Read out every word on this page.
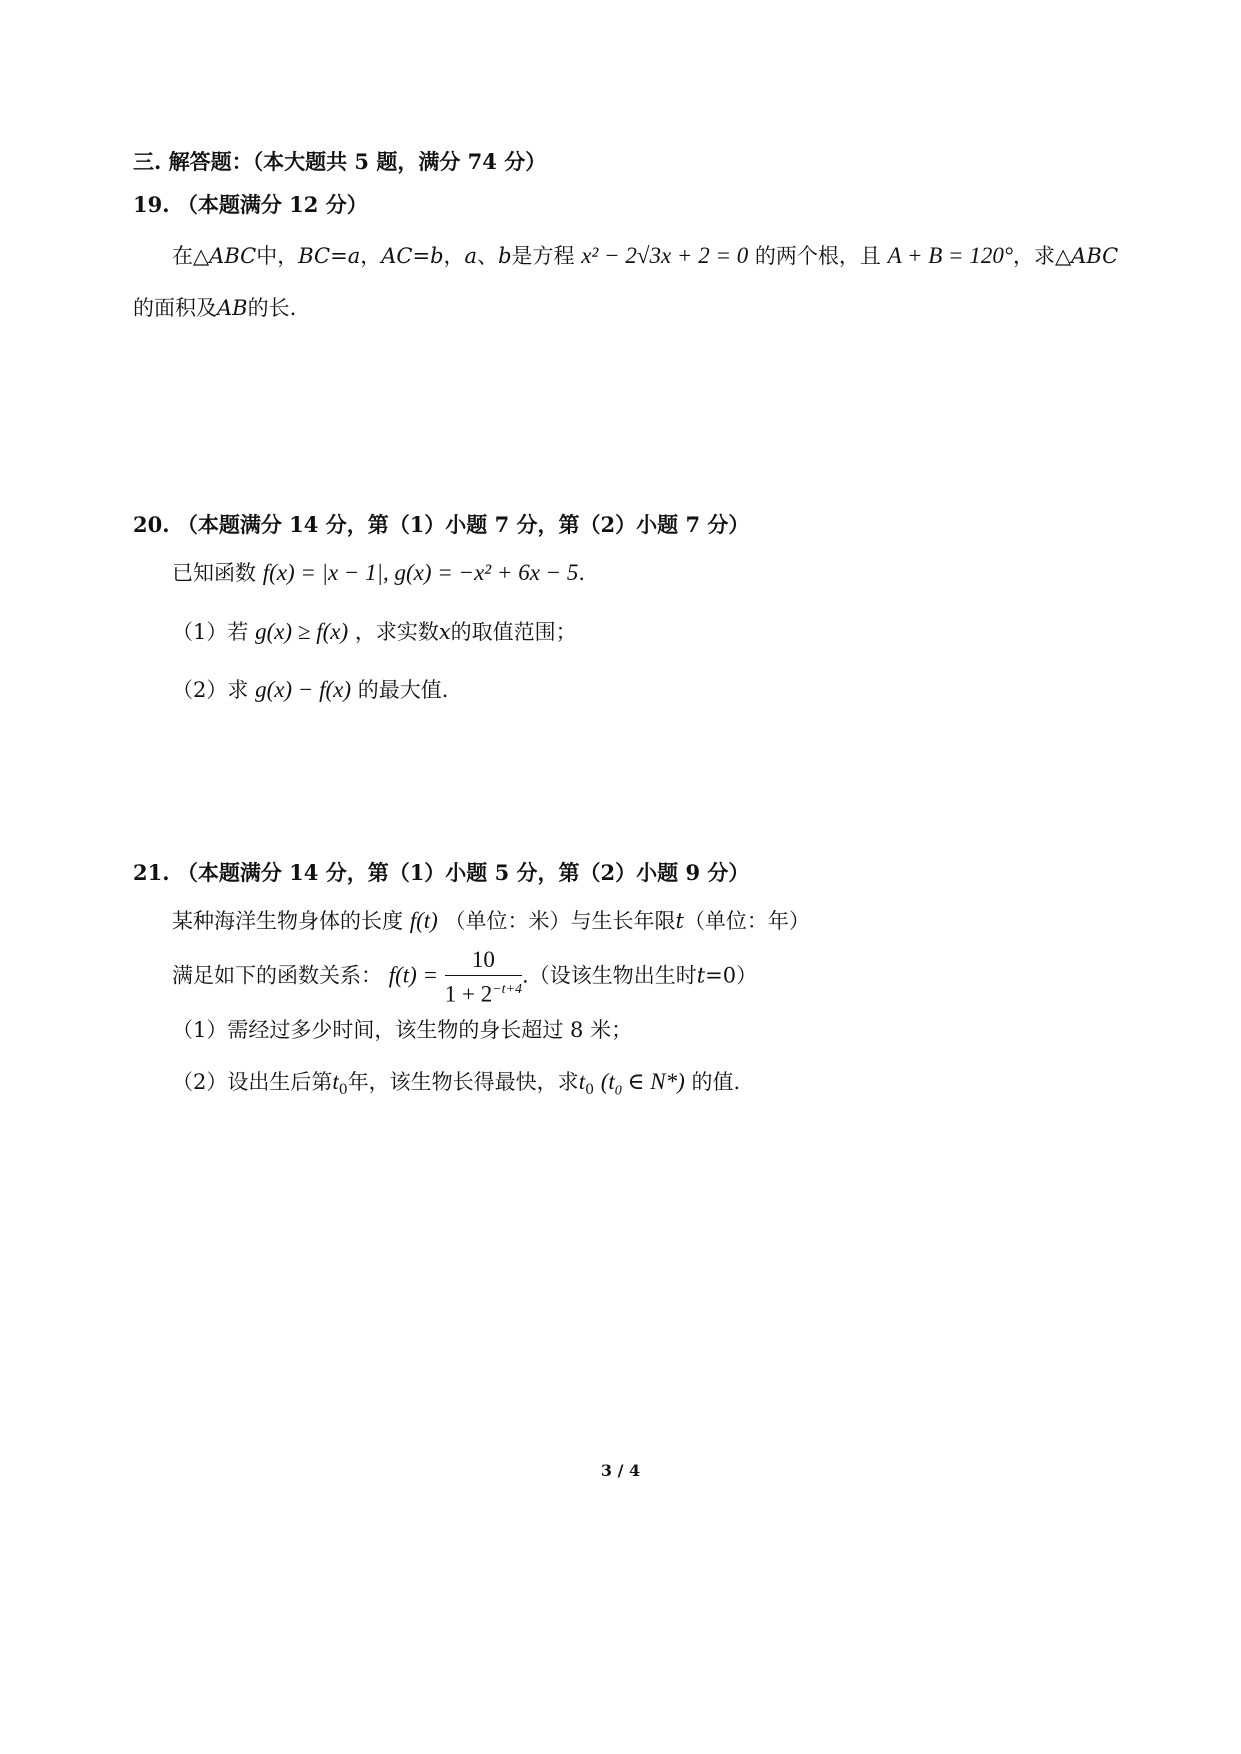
三. 解答题：（本大题共 5 题，满分 74 分）
19. （本题满分 12 分）
在△ABC中，BC=a，AC=b，a、b是方程 x² − 2√3x + 2 = 0 的两个根，且 A + B = 120°，求△ABC
的面积及AB的长.
20. （本题满分 14 分，第（1）小题 7 分，第（2）小题 7 分）
已知函数 f(x) = |x − 1|, g(x) = −x² + 6x − 5.
（1）若 g(x) ≥ f(x) ，求实数x的取值范围；
（2）求 g(x) − f(x) 的最大值.
21. （本题满分 14 分，第（1）小题 5 分，第（2）小题 9 分）
某种海洋生物身体的长度 f(t) （单位：米）与生长年限t（单位：年）
满足如下的函数关系： $f(t) = \frac{10}{1 + 2^{-t+4}}$ .（设该生物出生时t=0）
（1）需经过多少时间，该生物的身长超过 8 米；
（2）设出生后第$t_0$年，该生物长得最快，求$t_0$ ($t_0$ ∈ N*) 的值.
3 / 4
